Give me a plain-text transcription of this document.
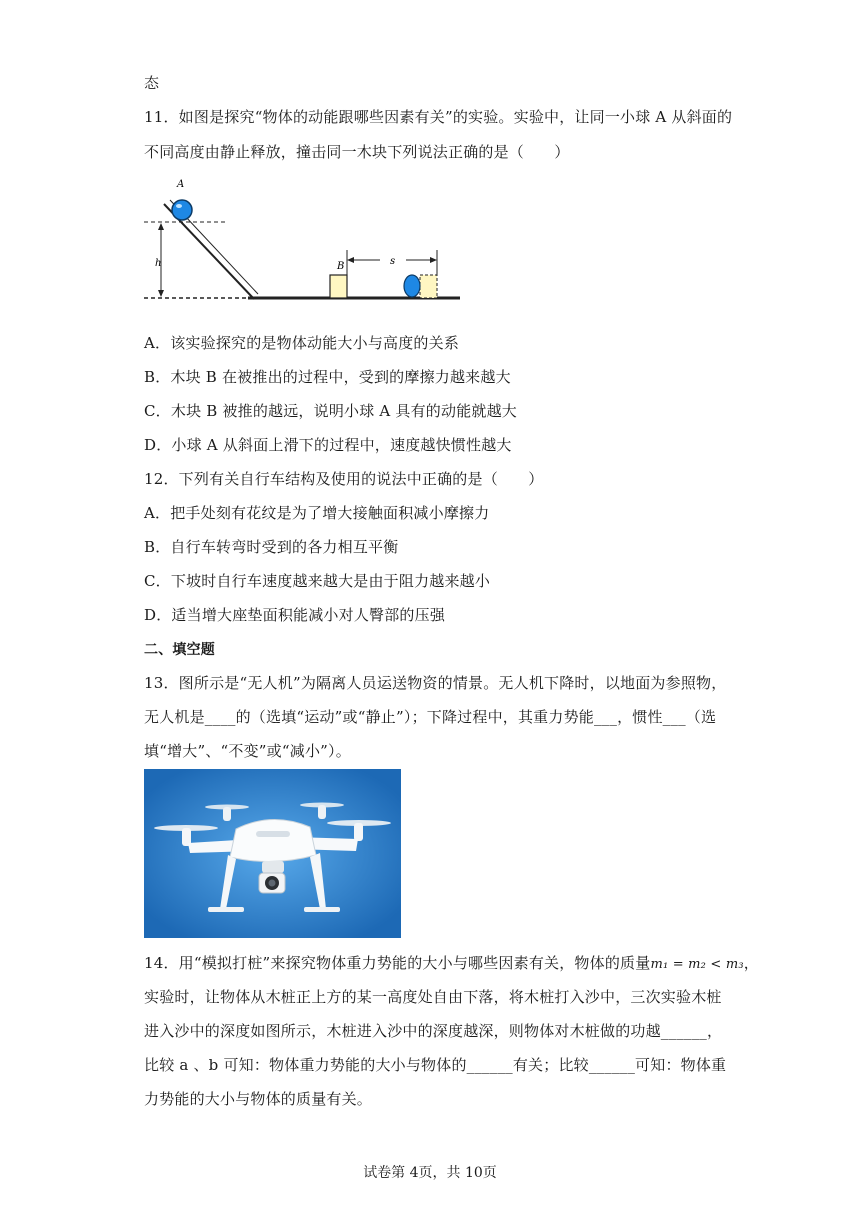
态
11．如图是探究“物体的动能跟哪些因素有关”的实验。实验中，让同一小球 A 从斜面的
不同高度由静止释放，撞击同一木块下列说法正确的是（　　）
h
A
B	s
A．该实验探究的是物体动能大小与高度的关系
B．木块 B 在被推出的过程中，受到的摩擦力越来越大
C．木块 B 被推的越远，说明小球 A 具有的动能就越大
D．小球 A 从斜面上滑下的过程中，速度越快惯性越大
12．下列有关自行车结构及使用的说法中正确的是（　　）
A．把手处刻有花纹是为了增大接触面积减小摩擦力
B．自行车转弯时受到的各力相互平衡
C．下坡时自行车速度越来越大是由于阻力越来越小
D．适当增大座垫面积能减小对人臀部的压强
二、填空题
13．图所示是“无人机”为隔离人员运送物资的情景。无人机下降时，以地面为参照物，
无人机是____的（选填“运动”或“静止”）；下降过程中，其重力势能___，惯性___（选
填“增大”、“不变”或“减小”）。
14．用“模拟打桩”来探究物体重力势能的大小与哪些因素有关，物体的质量m₁ = m₂ < m₃，
实验时，让物体从木桩正上方的某一高度处自由下落，将木桩打入沙中，三次实验木桩
进入沙中的深度如图所示，木桩进入沙中的深度越深，则物体对木桩做的功越______，
比较 a 、b 可知：物体重力势能的大小与物体的______有关；比较______可知：物体重
力势能的大小与物体的质量有关。
试卷第 4页，共 10页
